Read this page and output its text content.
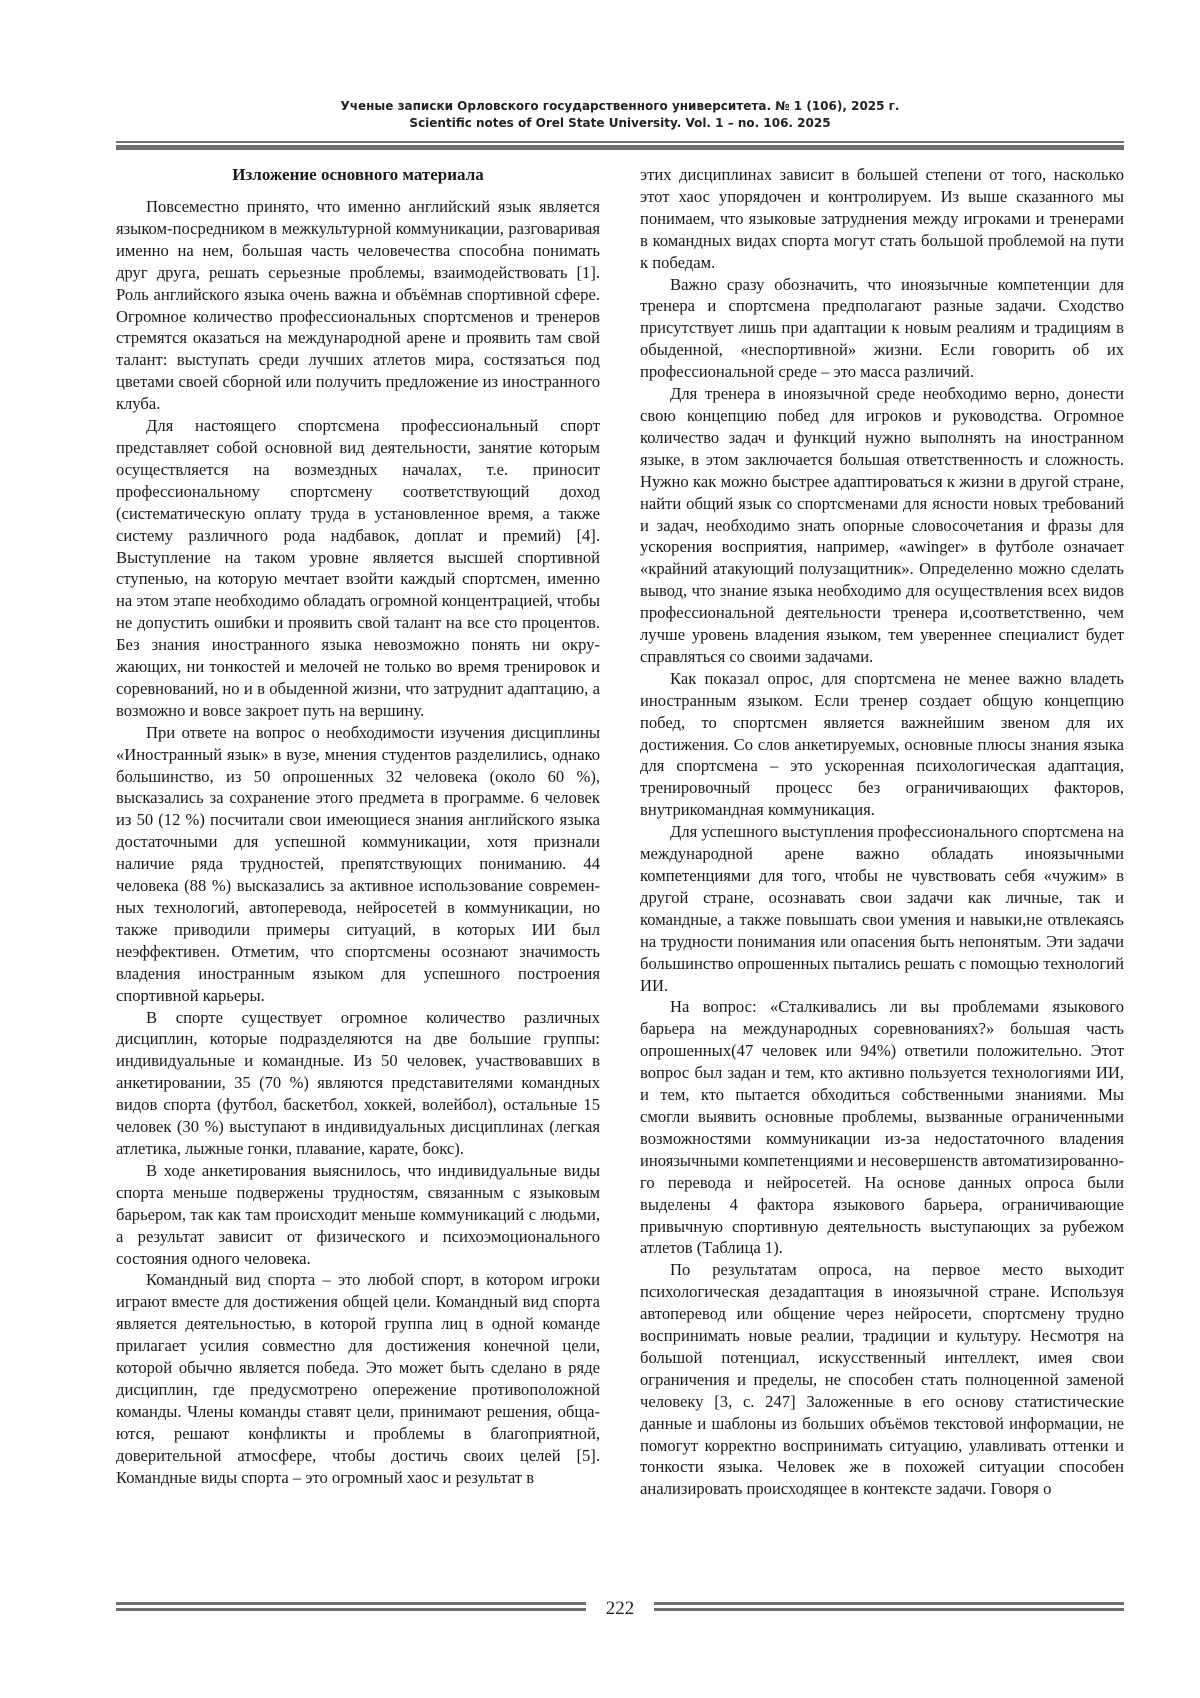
Ученые записки Орловского государственного университета. № 1 (106), 2025 г.
Scientific notes of Orel State University. Vol. 1 – no. 106. 2025
Изложение основного материала

Повсеместно принято, что именно английский язык является языком-посредником в межкультурной коммуникации, разговаривая именно на нем, большая часть человечества способна понимать друг друга, решать серьезные проблемы, взаимодействовать [1]. Роль английского языка очень важна и объёмнав спортивной сфере. Огромное количество профессиональных спортсменов и тренеров стремятся оказаться на международной арене и проявить там свой талант: выступать среди лучших атлетов мира, состязаться под цветами своей сборной или получить предложение из иностранного клуба.

Для настоящего спортсмена профессиональный спорт представляет собой основной вид деятельности, занятие которым осуществляется на возмездных началах, т.е. приносит профессиональному спортсмену соответствующий доход (систематическую оплату труда в установленное время, а также систему различного рода надбавок, доплат и премий) [4]. Выступление на таком уровне является высшей спортивной ступенью, на которую мечтает взойти каждый спортсмен, именно на этом этапе необходимо обладать огромной концентрацией, чтобы не допустить ошибки и проявить свой талант на все сто процентов. Без знания иностранного языка невозможно понять ни окружающих, ни тонкостей и мелочей не только во время тренировок и соревнований, но и в обыденной жизни, что затруднит адаптацию, а возможно и вовсе закроет путь на вершину.

При ответе на вопрос о необходимости изучения дисциплины «Иностранный язык» в вузе, мнения студентов разделились, однако большинство, из 50 опрошенных 32 человека (около 60 %), высказались за сохранение этого предмета в программе. 6 человек из 50 (12 %) посчитали свои имеющиеся знания английского языка достаточными для успешной коммуникации, хотя признали наличие ряда трудностей, препятствующих пониманию. 44 человека (88 %) высказались за активное использование современных технологий, автоперевода, нейросетей в коммуникации, но также приводили примеры ситуаций, в которых ИИ был неэффективен. Отметим, что спортсмены осознают значимость владения иностранным языком для успешного построения спортивной карьеры.

В спорте существует огромное количество различных дисциплин, которые подразделяются на две большие группы: индивидуальные и командные. Из 50 человек, участвовавших в анкетировании, 35 (70 %) являются представителями командных видов спорта (футбол, баскетбол, хоккей, волейбол), остальные 15 человек (30 %) выступают в индивидуальных дисциплинах (легкая атлетика, лыжные гонки, плавание, карате, бокс).

В ходе анкетирования выяснилось, что индивидуальные виды спорта меньше подвержены трудностям, связанным с языковым барьером, так как там происходит меньше коммуникаций с людьми, а результат зависит от физического и психоэмоционального состояния одного человека.

Командный вид спорта – это любой спорт, в котором игроки играют вместе для достижения общей цели. Командный вид спорта является деятельностью, в которой группа лиц в одной команде прилагает усилия совместно для достижения конечной цели, которой обычно является победа. Это может быть сделано в ряде дисциплин, где предусмотрено опережение противоположной команды. Члены команды ставят цели, принимают решения, общаются, решают конфликты и проблемы в благоприятной, доверительной атмосфере, чтобы достичь своих целей [5]. Командные виды спорта – это огромный хаос и результат в

этих дисциплинах зависит в большей степени от того, насколько этот хаос упорядочен и контролируем. Из выше сказанного мы понимаем, что языковые затруднения между игроками и тренерами в командных видах спорта могут стать большой проблемой на пути к победам.

Важно сразу обозначить, что иноязычные компетенции для тренера и спортсмена предполагают разные задачи. Сходство присутствует лишь при адаптации к новым реалиям и традициям в обыденной, «неспортивной» жизни. Если говорить об их профессиональной среде – это масса различий.

Для тренера в иноязычной среде необходимо верно, донести свою концепцию побед для игроков и руководства. Огромное количество задач и функций нужно выполнять на иностранном языке, в этом заключается большая ответственность и сложность. Нужно как можно быстрее адаптироваться к жизни в другой стране, найти общий язык со спортсменами для ясности новых требований и задач, необходимо знать опорные словосочетания и фразы для ускорения восприятия, например, «awinger» в футболе означает «крайний атакующий полузащитник». Определенно можно сделать вывод, что знание языка необходимо для осуществления всех видов профессиональной деятельности тренера и,соответственно, чем лучше уровень владения языком, тем увереннее специалист будет справляться со своими задачами.

Как показал опрос, для спортсмена не менее важно владеть иностранным языком. Если тренер создает общую концепцию побед, то спортсмен является важнейшим звеном для их достижения. Со слов анкетируемых, основные плюсы знания языка для спортсмена – это ускоренная психологическая адаптация, тренировочный процесс без ограничивающих факторов, внутрикомандная коммуникация.

Для успешного выступления профессионального спортсмена на международной арене важно обладать иноязычными компетенциями для того, чтобы не чувствовать себя «чужим» в другой стране, осознавать свои задачи как личные, так и командные, а также повышать свои умения и навыки,не отвлекаясь на трудности понимания или опасения быть непонятым. Эти задачи большинство опрошенных пытались решать с помощью технологий ИИ.

На вопрос: «Сталкивались ли вы проблемами языкового барьера на международных соревнованиях?» большая часть опрошенных(47 человек или 94%) ответили положительно. Этот вопрос был задан и тем, кто активно пользуется технологиями ИИ, и тем, кто пытается обходиться собственными знаниями. Мы смогли выявить основные проблемы, вызванные ограниченными возможностями коммуникации из-за недостаточного владения иноязычными компетенциями и несовершенств автоматизированного перевода и нейросетей. На основе данных опроса были выделены 4 фактора языкового барьера, ограничивающие привычную спортивную деятельность выступающих за рубежом атлетов (Таблица 1).

По результатам опроса, на первое место выходит психологическая дезадаптация в иноязычной стране. Используя автоперевод или общение через нейросети, спортсмену трудно воспринимать новые реалии, традиции и культуру. Несмотря на большой потенциал, искусственный интеллект, имея свои ограничения и пределы, не способен стать полноценной заменой человеку [3, с. 247] Заложенные в его основу статистические данные и шаблоны из больших объёмов текстовой информации, не помогут корректно воспринимать ситуацию, улавливать оттенки и тонкости языка. Человек же в похожей ситуации способен анализировать происходящее в контексте задачи. Говоря о

222
